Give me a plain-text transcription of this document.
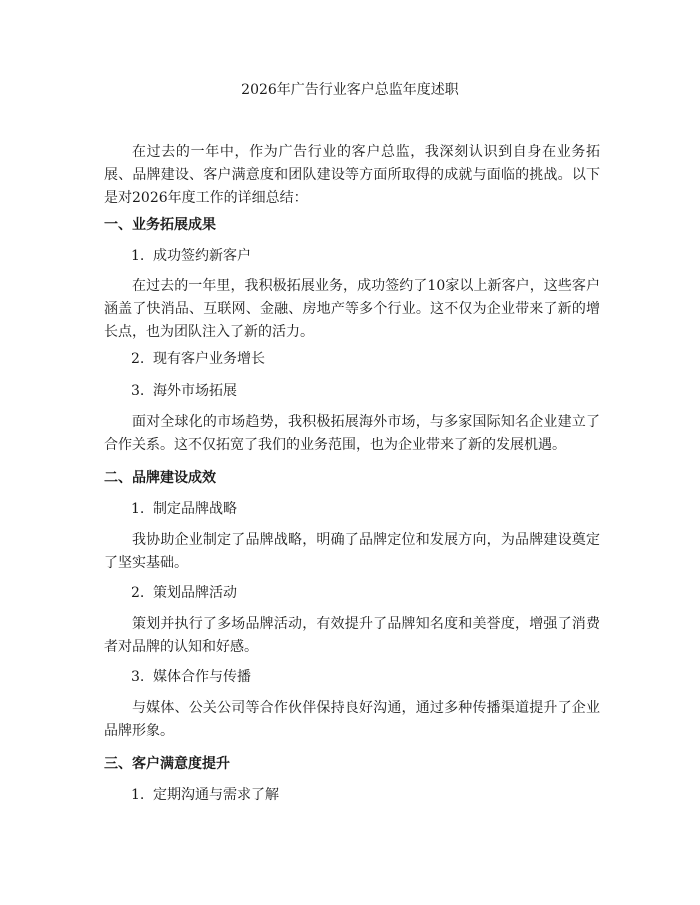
2026年广告行业客户总监年度述职

在过去的一年中，作为广告行业的客户总监，我深刻认识到自身在业务拓展、品牌建设、客户满意度和团队建设等方面所取得的成就与面临的挑战。以下是对2026年度工作的详细总结：

一、业务拓展成果
1. 成功签约新客户

在过去的一年里，我积极拓展业务，成功签约了10家以上新客户，这些客户涵盖了快消品、互联网、金融、房地产等多个行业。这不仅为企业带来了新的增长点，也为团队注入了新的活力。

2. 现有客户业务增长
3. 海外市场拓展

面对全球化的市场趋势，我积极拓展海外市场，与多家国际知名企业建立了合作关系。这不仅拓宽了我们的业务范围，也为企业带来了新的发展机遇。

二、品牌建设成效
1. 制定品牌战略

我协助企业制定了品牌战略，明确了品牌定位和发展方向，为品牌建设奠定了坚实基础。

2. 策划品牌活动

策划并执行了多场品牌活动，有效提升了品牌知名度和美誉度，增强了消费者对品牌的认知和好感。

3. 媒体合作与传播

与媒体、公关公司等合作伙伴保持良好沟通，通过多种传播渠道提升了企业品牌形象。

三、客户满意度提升
1. 定期沟通与需求了解
